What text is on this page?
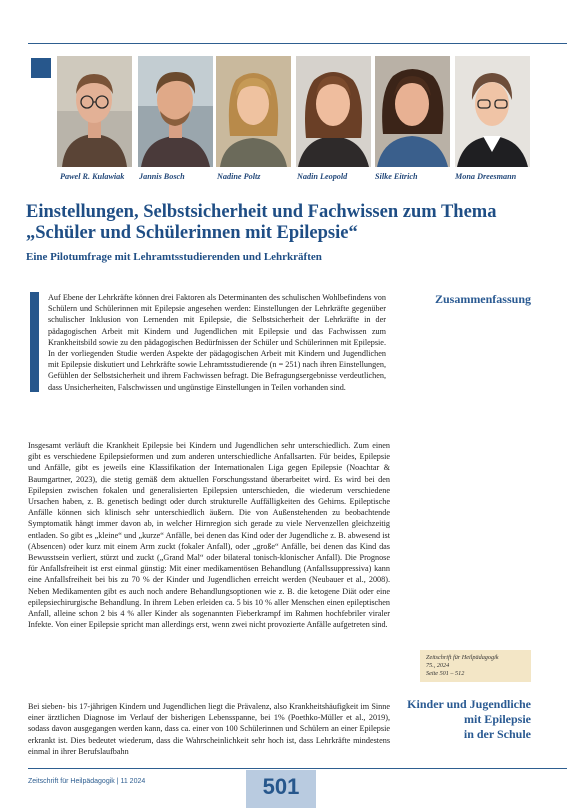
Pawel R. Kulawiak Jannis Bosch	Nadine Poltz	Nadin Leopold	Silke Eitrich	Mona Dreesmann
Einstellungen, Selbstsicherheit und Fachwissen zum Thema
„Schüler und Schülerinnen mit Epilepsie“
Eine Pilotumfrage mit Lehramtsstudierenden und Lehrkräften

Auf Ebene der Lehrkräfte können drei Faktoren als Determinanten des schulischen Wohlbefindens von Schülern und Schülerinnen mit Epilepsie angesehen werden: Einstellungen der Lehrkräfte gegenüber schulischer Inklusion von Lernenden mit Epilepsie, die Selbstsicherheit der Lehrkräfte in der pädagogischen Arbeit mit Kindern und Jugendlichen mit Epilepsie und das Fachwissen zum Krankheitsbild sowie zu den pädagogischen Bedürfnissen der Schüler und Schülerinnen mit Epilepsie. In der vorliegenden Studie werden Aspekte der pädagogischen Arbeit mit Kindern und Jugendlichen mit Epilepsie diskutiert und Lehrkräfte sowie Lehramtsstudierende (n = 251) nach ihren Einstellungen, Gefühlen der Selbstsicherheit und ihrem Fachwissen befragt. Die Befragungsergebnisse verdeutlichen, dass Unsicherheiten, Falschwissen und ungünstige Einstellungen in Teilen vorhanden sind.

Zusammenfassung

Insgesamt verläuft die Krankheit Epilepsie bei Kindern und Jugendlichen sehr unterschiedlich. Zum einen gibt es verschiedene Epilepsieformen und zum anderen unterschiedliche Anfallsarten. Für beides, Epilepsie und Anfälle, gibt es jeweils eine Klassifikation der Internationalen Liga gegen Epilepsie (Noachtar & Baumgartner, 2023), die stetig gemäß dem aktuellen Forschungsstand überarbeitet wird. Es wird bei den Epilepsien zwischen fokalen und generalisierten Epilepsien unterschieden, die wiederum verschiedene Ursachen haben, z. B. genetisch bedingt oder durch strukturelle Auffälligkeiten des Gehirns. Epileptische Anfälle können sich klinisch sehr unterschiedlich äußern. Die von Außenstehenden zu beobachtende Symptomatik hängt immer davon ab, in welcher Hirnregion sich gerade zu viele Nervenzellen gleichzeitig entladen. So gibt es „kleine“ und „kurze“ Anfälle, bei denen das Kind oder der Jugendliche z. B. abwesend ist (Absencen) oder kurz mit einem Arm zuckt (fokaler Anfall), oder „große“ Anfälle, bei denen das Kind das Bewusstsein verliert, stürzt und zuckt („Grand Mal“ oder bilateral tonisch-klonischer Anfall). Die Prognose für Anfallsfreiheit ist erst einmal günstig: Mit einer medikamentösen Behandlung (Anfallssuppressiva) kann eine Anfallsfreiheit bei bis zu 70 % der Kinder und Jugendlichen erreicht werden (Neubauer et al., 2008). Neben Medikamenten gibt es auch noch andere Behandlungsoptionen wie z. B. die ketogene Diät oder eine epilepsiechirurgische Behandlung. In ihrem Leben erleiden ca. 5 bis 10 % aller Menschen einen epileptischen Anfall, alleine schon 2 bis 4 % aller Kinder als sogenannten Fieberkrampf im Rahmen hochfebriler viraler Infekte. Von einer Epilepsie spricht man allerdings erst, wenn zwei nicht provozierte Anfälle aufgetreten sind.

Zeitschrift für Heilpädagogik
75., 2024
Seite 501 – 512

Bei sieben- bis 17-jährigen Kindern und Jugendlichen liegt die Prävalenz, also Krankheitshäufigkeit im Sinne einer ärztlichen Diagnose im Verlauf der bisherigen Lebensspanne, bei 1% (Poethko-Müller et al., 2019), sodass davon ausgegangen werden kann, dass ca. einer von 100 Schülerinnen und Schülern an einer Epilepsie erkrankt ist. Dies bedeutet wiederum, dass die Wahrscheinlichkeit sehr hoch ist, dass Lehrkräfte mindestens einmal in ihrer Berufslaufbahn

Kinder und Jugendliche
mit Epilepsie
in der Schule
Zeitschrift für Heilpädagogik | 11 2024	501
